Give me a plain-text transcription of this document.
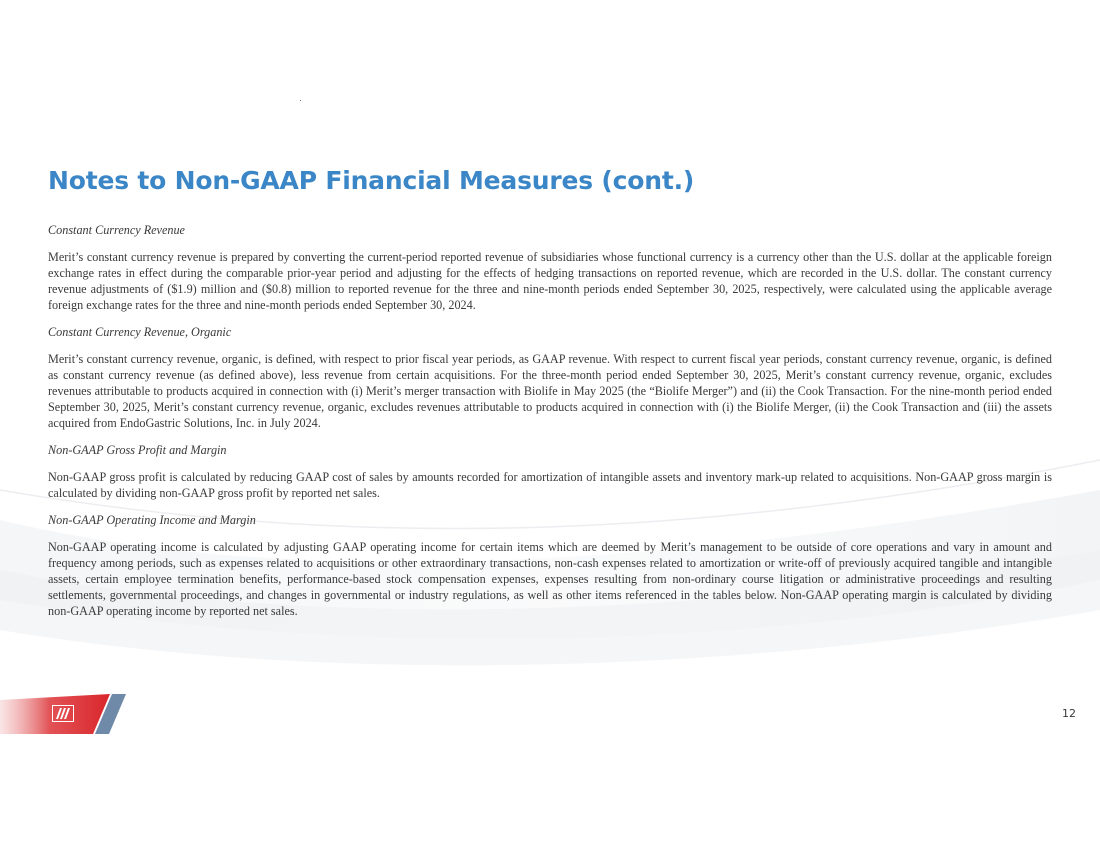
Notes to Non-GAAP Financial Measures (cont.)

Constant Currency Revenue

Merit’s constant currency revenue is prepared by converting the current-period reported revenue of subsidiaries whose functional currency is a currency other than the U.S. dollar at the applicable foreign exchange rates in effect during the comparable prior-year period and adjusting for the effects of hedging transactions on reported revenue, which are recorded in the U.S. dollar. The constant currency revenue adjustments of ($1.9) million and ($0.8) million to reported revenue for the three and nine-month periods ended September 30, 2025, respectively, were calculated using the applicable average foreign exchange rates for the three and nine-month periods ended September 30, 2024.

Constant Currency Revenue, Organic

Merit’s constant currency revenue, organic, is defined, with respect to prior fiscal year periods, as GAAP revenue. With respect to current fiscal year periods, constant currency revenue, organic, is defined as constant currency revenue (as defined above), less revenue from certain acquisitions. For the three-month period ended September 30, 2025, Merit’s constant currency revenue, organic, excludes revenues attributable to products acquired in connection with (i) Merit’s merger transaction with Biolife in May 2025 (the “Biolife Merger”) and (ii) the Cook Transaction. For the nine-month period ended September 30, 2025, Merit’s constant currency revenue, organic, excludes revenues attributable to products acquired in connection with (i) the Biolife Merger, (ii) the Cook Transaction and (iii) the assets acquired from EndoGastric Solutions, Inc. in July 2024.

Non-GAAP Gross Profit and Margin

Non-GAAP gross profit is calculated by reducing GAAP cost of sales by amounts recorded for amortization of intangible assets and inventory mark-up related to acquisitions. Non-GAAP gross margin is calculated by dividing non-GAAP gross profit by reported net sales.

Non-GAAP Operating Income and Margin

Non-GAAP operating income is calculated by adjusting GAAP operating income for certain items which are deemed by Merit’s management to be outside of core operations and vary in amount and frequency among periods, such as expenses related to acquisitions or other extraordinary transactions, non-cash expenses related to amortization or write-off of previously acquired tangible and intangible assets, certain employee termination benefits, performance-based stock compensation expenses, expenses resulting from non-ordinary course litigation or administrative proceedings and resulting settlements, governmental proceedings, and changes in governmental or industry regulations, as well as other items referenced in the tables below. Non-GAAP operating margin is calculated by dividing non-GAAP operating income by reported net sales.

12
